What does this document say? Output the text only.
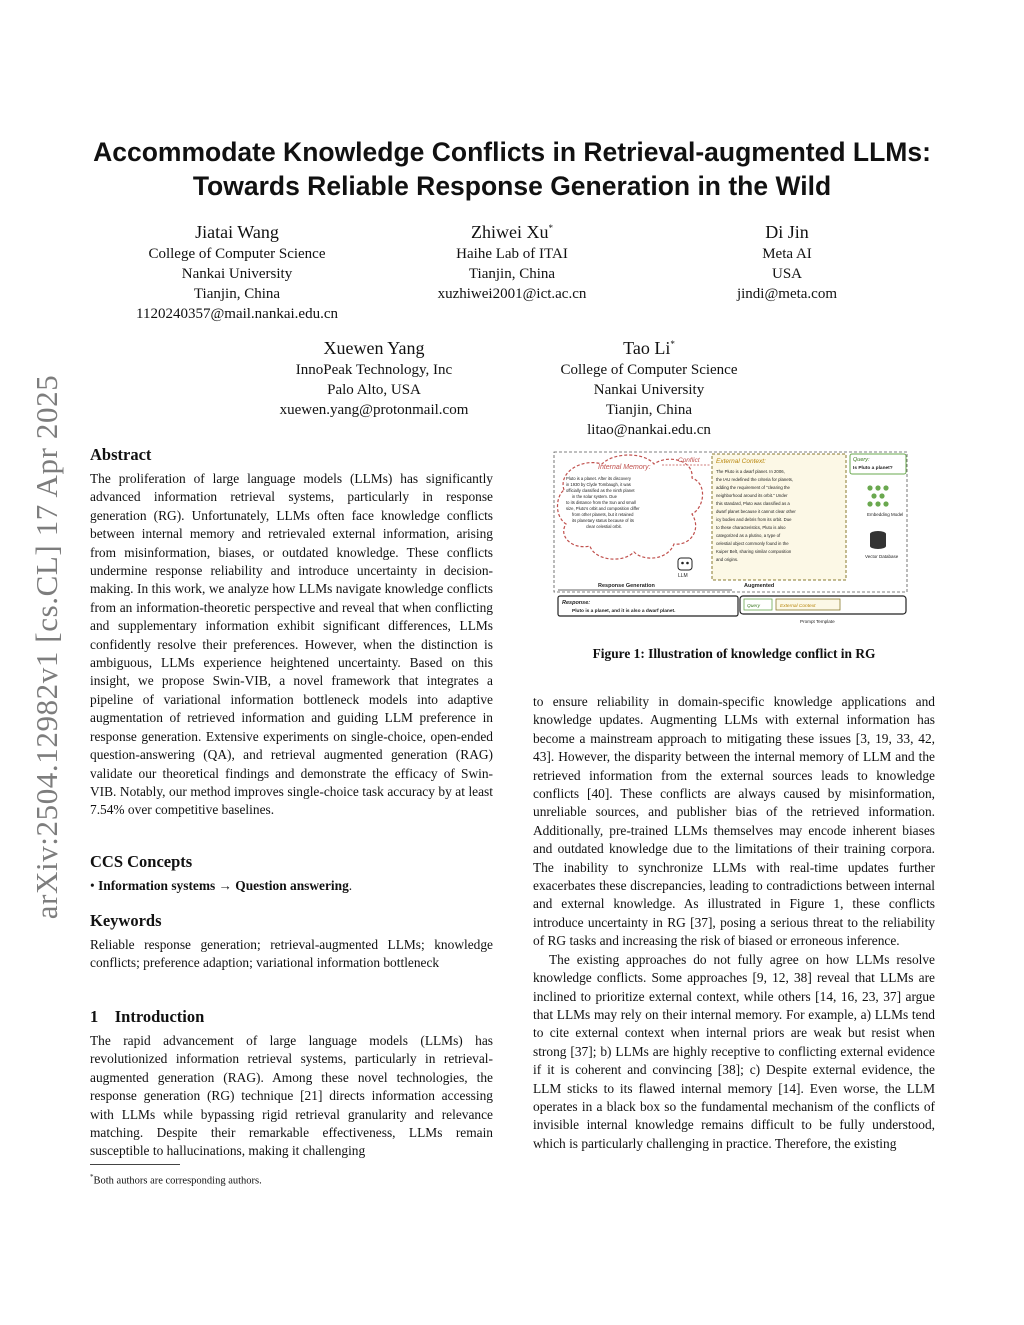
arXiv:2504.12982v1 [cs.CL] 17 Apr 2025
Accommodate Knowledge Conflicts in Retrieval-augmented LLMs: Towards Reliable Response Generation in the Wild
Jiatai Wang
College of Computer Science
Nankai University
Tianjin, China
1120240357@mail.nankai.edu.cn
Zhiwei Xu*
Haihe Lab of ITAI
Tianjin, China
xuzhiwei2001@ict.ac.cn
Di Jin
Meta AI
USA
jindi@meta.com
Xuewen Yang
InnoPeak Technology, Inc
Palo Alto, USA
xuewen.yang@protonmail.com
Tao Li*
College of Computer Science
Nankai University
Tianjin, China
litao@nankai.edu.cn
Abstract

The proliferation of large language models (LLMs) has significantly advanced information retrieval systems, particularly in response generation (RG). Unfortunately, LLMs often face knowledge conflicts between internal memory and retrievaled external information, arising from misinformation, biases, or outdated knowledge. These conflicts undermine response reliability and introduce uncertainty in decision-making. In this work, we analyze how LLMs navigate knowledge conflicts from an information-theoretic perspective and reveal that when conflicting and supplementary information exhibit significant differences, LLMs confidently resolve their preferences. However, when the distinction is ambiguous, LLMs experience heightened uncertainty. Based on this insight, we propose Swin-VIB, a novel framework that integrates a pipeline of variational information bottleneck models into adaptive augmentation of retrieved information and guiding LLM preference in response generation. Extensive experiments on single-choice, open-ended question-answering (QA), and retrieval augmented generation (RAG) validate our theoretical findings and demonstrate the efficacy of Swin-VIB. Notably, our method improves single-choice task accuracy by at least 7.54% over competitive baselines.

CCS Concepts
• Information systems → Question answering.
Keywords

Reliable response generation; retrieval-augmented LLMs; knowledge conflicts; preference adaption; variational information bottleneck

1    Introduction

The rapid advancement of large language models (LLMs) has revolutionized information retrieval systems, particularly in retrieval-augmented generation (RAG). Among these novel technologies, the response generation (RG) technique [21] directs information accessing with LLMs while bypassing rigid retrieval granularity and relevance matching. Despite their remarkable effectiveness, LLMs remain susceptible to hallucinations, making it challenging

to ensure reliability in domain-specific knowledge applications and knowledge updates. Augmenting LLMs with external information has become a mainstream approach to mitigating these issues [3, 19, 33, 42, 43]. However, the disparity between the internal memory of LLM and the retrieved information from the external sources leads to knowledge conflicts [40]. These conflicts are always caused by misinformation, unreliable sources, and publisher bias of the retrieved information. Additionally, pre-trained LLMs themselves may encode inherent biases and outdated knowledge due to the limitations of their training corpora. The inability to synchronize LLMs with real-time updates further exacerbates these discrepancies, leading to contradictions between internal and external knowledge. As illustrated in Figure 1, these conflicts introduce uncertainty in RG [37], posing a serious threat to the reliability of RG tasks and increasing the risk of biased or erroneous inference.

The existing approaches do not fully agree on how LLMs resolve knowledge conflicts. Some approaches [9, 12, 38] reveal that LLMs are inclined to prioritize external context, while others [14, 16, 23, 37] argue that LLMs may rely on their internal memory. For example, a) LLMs tend to cite external context when internal priors are weak but resist when strong [37]; b) LLMs are highly receptive to conflicting external evidence if it is coherent and convincing [38]; c) Despite external evidence, the LLM sticks to its flawed internal memory [14]. Even worse, the LLM operates in a black box so the fundamental mechanism of the conflicts of invisible internal knowledge remains difficult to be fully understood, which is particularly challenging in practice. Therefore, the existing

Internal Memory:
Pluto is a planet. After its discovery
in 1930 by Clyde Tombaugh, it was
officially classified as the ninth planet
in the solar system. Due
to its distance from the Sun and small
size, Pluto's orbit and composition differ
from other planets, but it retained
its planetary status because of its
clear celestial orbit.
Conflict	External Context:
The Pluto is a dwarf planet. In 2006,
the IAU redefined the criteria for planets,
adding the requirement of "clearing the
neighborhood around its orbit." Under
this standard, Pluto was classified as a
dwarf planet because it cannot clear other
icy bodies and debris from its orbit. Due
to these characteristics, Pluto is also
categorized as a plutino, a type of
celestial object commonly found in the
Kuiper Belt, sharing similar composition
and origins.
Query:
Is Pluto a planet?
Embedding Model
Vector Database
LLM
Response Generation	Augmented
Response:
Pluto is a planet, and it is also a dwarf planet.
Query	External Context
Prompt Template
Figure 1: Illustration of knowledge conflict in RG
*Both authors are corresponding authors.
